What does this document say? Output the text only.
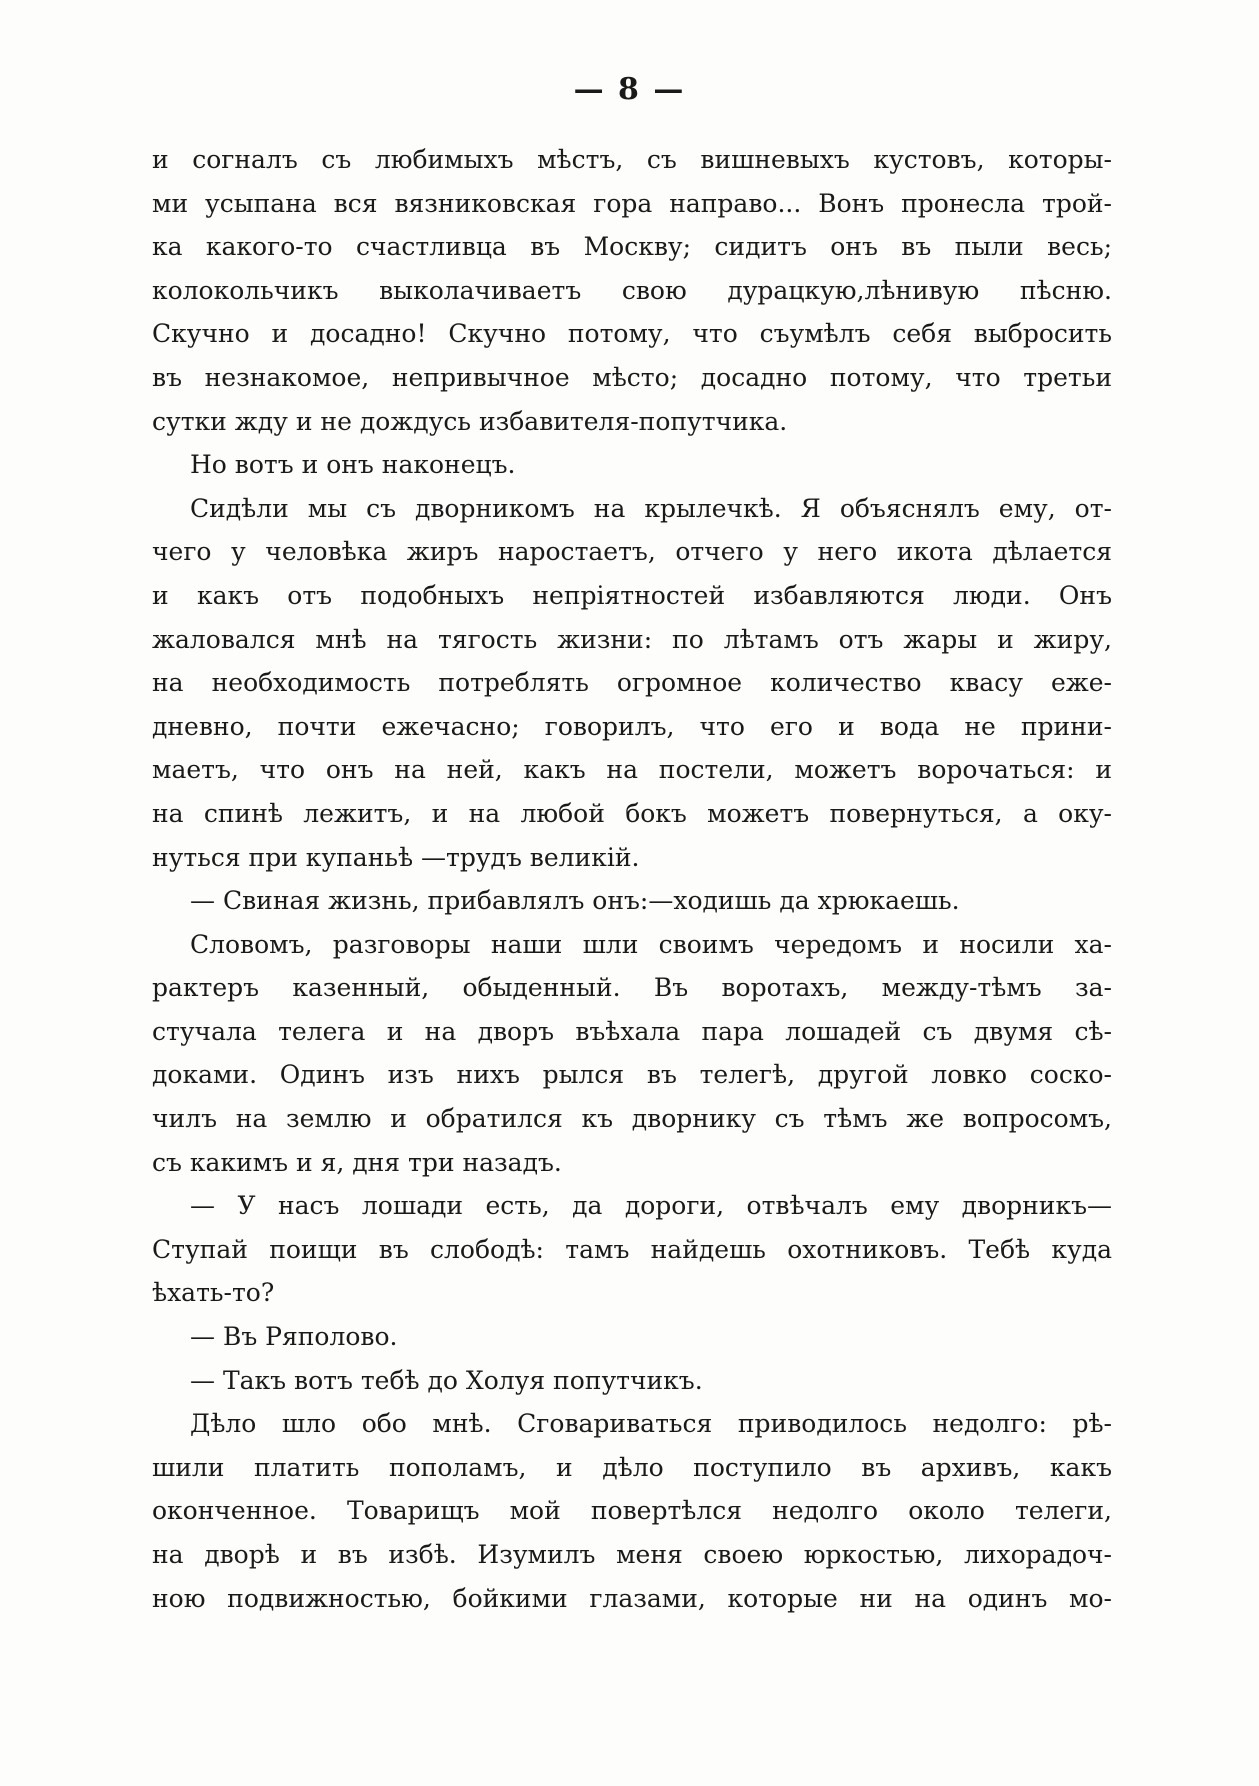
— 8 —
и согналъ съ любимыхъ мѣстъ, съ вишневыхъ кустовъ, которы-
ми усыпана вся вязниковская гора направо... Вонъ пронесла трой-
ка какого-то счастливца въ Москву; сидитъ онъ въ пыли весь;
колокольчикъ выколачиваетъ свою дурацкую,лѣнивую пѣсню.
Скучно и досадно! Скучно потому, что съумѣлъ себя выбросить
въ незнакомое, непривычное мѣсто; досадно потому, что третьи
сутки жду и не дождусь избавителя-попутчика.
Но вотъ и онъ наконецъ.
Сидѣли мы съ дворникомъ на крылечкѣ. Я объяснялъ ему, от-
чего у человѣка жиръ наростаетъ, отчего у него икота дѣлается
и какъ отъ подобныхъ непріятностей избавляются люди. Онъ
жаловался мнѣ на тягость жизни: по лѣтамъ отъ жары и жиру,
на необходимость потреблять огромное количество квасу еже-
дневно, почти ежечасно; говорилъ, что его и вода не прини-
маетъ, что онъ на ней, какъ на постели, можетъ ворочаться: и
на спинѣ лежитъ, и на любой бокъ можетъ повернуться, а оку-
нуться при купаньѣ —трудъ великій.
— Свиная жизнь, прибавлялъ онъ:—ходишь да хрюкаешь.
Словомъ, разговоры наши шли своимъ чередомъ и носили ха-
рактеръ казенный, обыденный. Въ воротахъ, между-тѣмъ за-
стучала телега и на дворъ въѣхала пара лошадей съ двумя сѣ-
доками. Одинъ изъ нихъ рылся въ телегѣ, другой ловко соско-
чилъ на землю и обратился къ дворнику съ тѣмъ же вопросомъ,
съ какимъ и я, дня три назадъ.
— У насъ лошади есть, да дороги, отвѣчалъ ему дворникъ—
Ступай поищи въ слободѣ: тамъ найдешь охотниковъ. Тебѣ куда
ѣхать-то?
— Въ Ряполово.
— Такъ вотъ тебѣ до Холуя попутчикъ.
Дѣло шло обо мнѣ. Сговариваться приводилось недолго: рѣ-
шили платить пополамъ, и дѣло поступило въ архивъ, какъ
оконченное. Товарищъ мой повертѣлся недолго около телеги,
на дворѣ и въ избѣ. Изумилъ меня своею юркостью, лихорадоч-
ною подвижностью, бойкими глазами, которые ни на одинъ мо-
